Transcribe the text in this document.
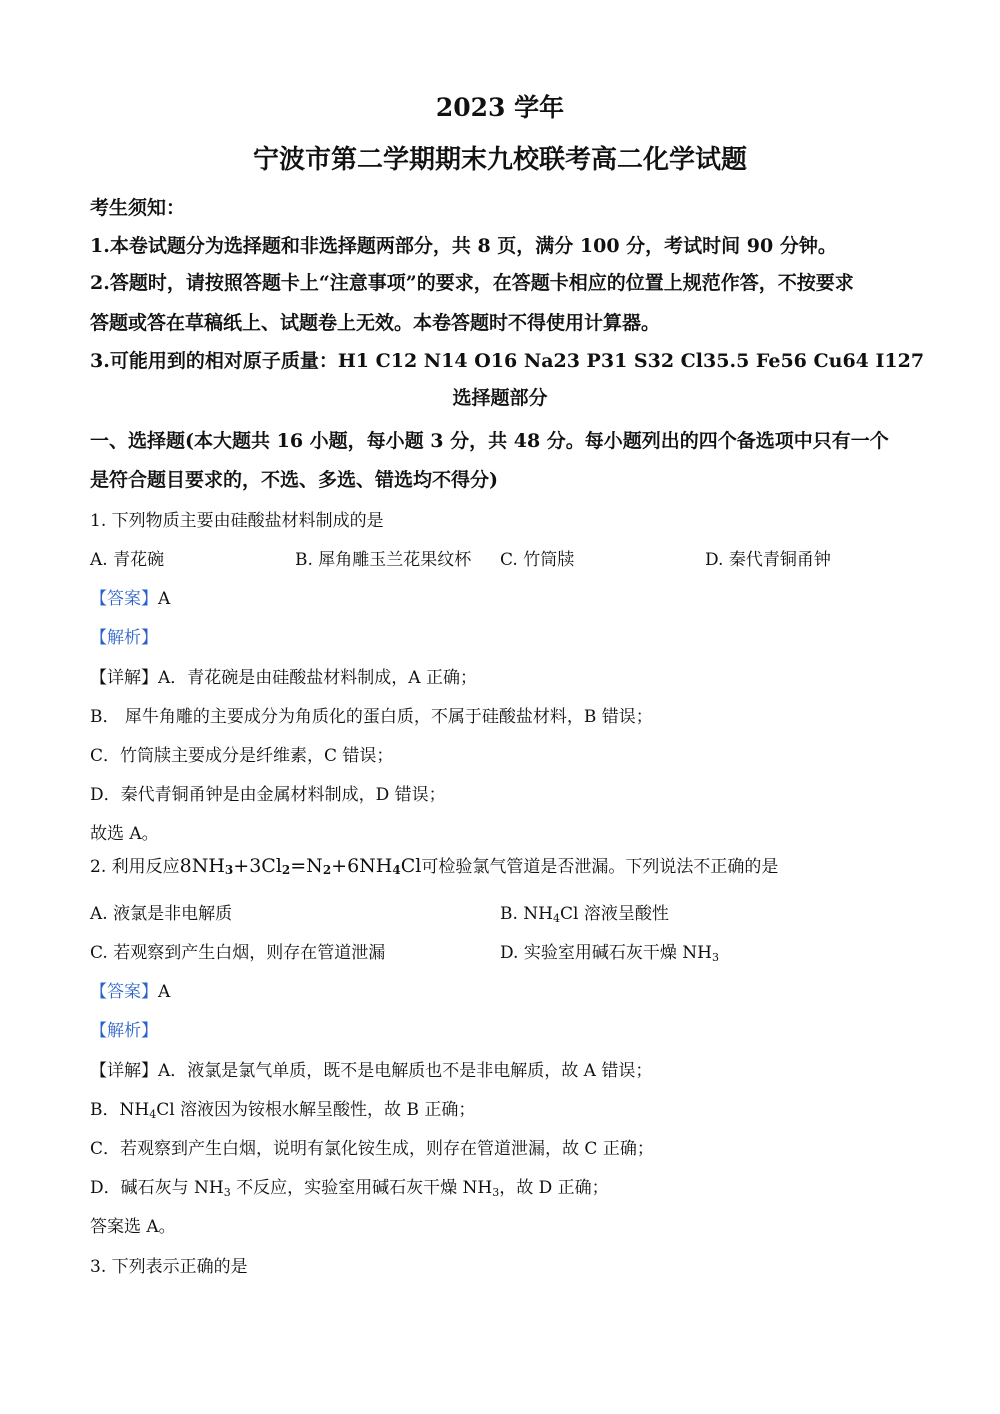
2023 学年
宁波市第二学期期末九校联考高二化学试题
考生须知：
1.本卷试题分为选择题和非选择题两部分，共 8 页，满分 100 分，考试时间 90 分钟。
2.答题时，请按照答题卡上“注意事项”的要求，在答题卡相应的位置上规范作答，不按要求
答题或答在草稿纸上、试题卷上无效。本卷答题时不得使用计算器。
3.可能用到的相对原子质量：H1 C12 N14 O16 Na23 P31 S32 Cl35.5 Fe56 Cu64 I127
选择题部分
一、选择题(本大题共 16 小题，每小题 3 分，共 48 分。每小题列出的四个备选项中只有一个
是符合题目要求的，不选、多选、错选均不得分)
1. 下列物质主要由硅酸盐材料制成的是
A. 青花碗	B. 犀角雕玉兰花果纹杯 C. 竹筒牍	D. 秦代青铜甬钟
【答案】A
【解析】
【详解】A．青花碗是由硅酸盐材料制成，A 正确；
B． 犀牛角雕的主要成分为角质化的蛋白质，不属于硅酸盐材料，B 错误；
C．竹筒牍主要成分是纤维素，C 错误；
D．秦代青铜甬钟是由金属材料制成，D 错误；
故选 A。
2. 利用反应8NH3+3Cl2=N2+6NH4Cl可检验氯气管道是否泄漏。下列说法不正确的是
A. 液氯是非电解质	B. $NH_4Cl$ 溶液呈酸性
C. 若观察到产生白烟，则存在管道泄漏	D. 实验室用碱石灰干燥 $NH_3$
【答案】A
【解析】
【详解】A．液氯是氯气单质，既不是电解质也不是非电解质，故 A 错误；
B．$NH_4Cl$ 溶液因为铵根水解呈酸性，故 B 正确；
C．若观察到产生白烟，说明有氯化铵生成，则存在管道泄漏，故 C 正确；
D．碱石灰与 $NH_3$ 不反应，实验室用碱石灰干燥 $NH_3$，故 D 正确；
答案选 A。
3. 下列表示正确的是
